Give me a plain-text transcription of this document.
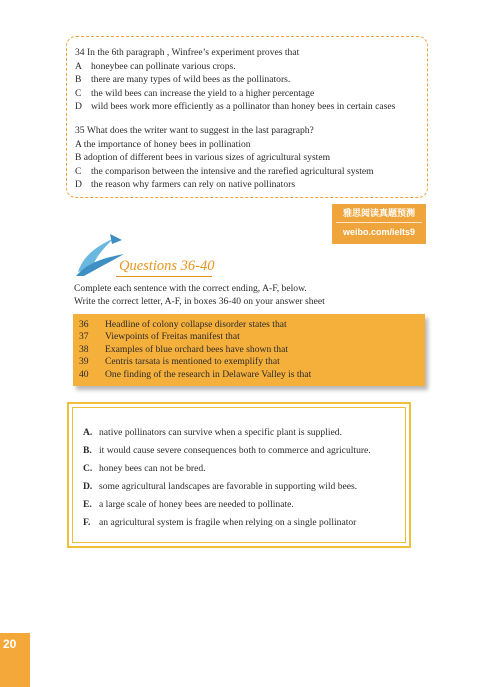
34 In the 6th paragraph , Winfree’s experiment proves that

A honeybee can pollinate various crops.
B there are many types of wild bees as the pollinators.
C the wild bees can increase the yield to a higher percentage
D wild bees work more efficiently as a pollinator than honey bees in certain cases

35 What does the writer want to suggest in the last paragraph?

A the importance of honey bees in pollination
B adoption of different bees in various sizes of agricultural system
C the comparison between the intensive and the rarefied agricultural system
D the reason why farmers can rely on native pollinators
雅思阅读真题预测
weibo.com/ielts9
Questions 36-40
Complete each sentence with the correct ending, A-F, below.
Write the correct letter, A-F, in boxes 36-40 on your answer sheet
36	Headline of colony collapse disorder states that
37	Viewpoints of Freitas manifest that
38	Examples of blue orchard bees have shown that
39	Centris tarsata is mentioned to exemplify that
40	One finding of the research in Delaware Valley is that
A. native pollinators can survive when a specific plant is supplied.
B. it would cause severe consequences both to commerce and agriculture.
C. honey bees can not be bred.
D. some agricultural landscapes are favorable in supporting wild bees.
E. a large scale of honey bees are needed to pollinate.
F. an agricultural system is fragile when relying on a single pollinator
20
